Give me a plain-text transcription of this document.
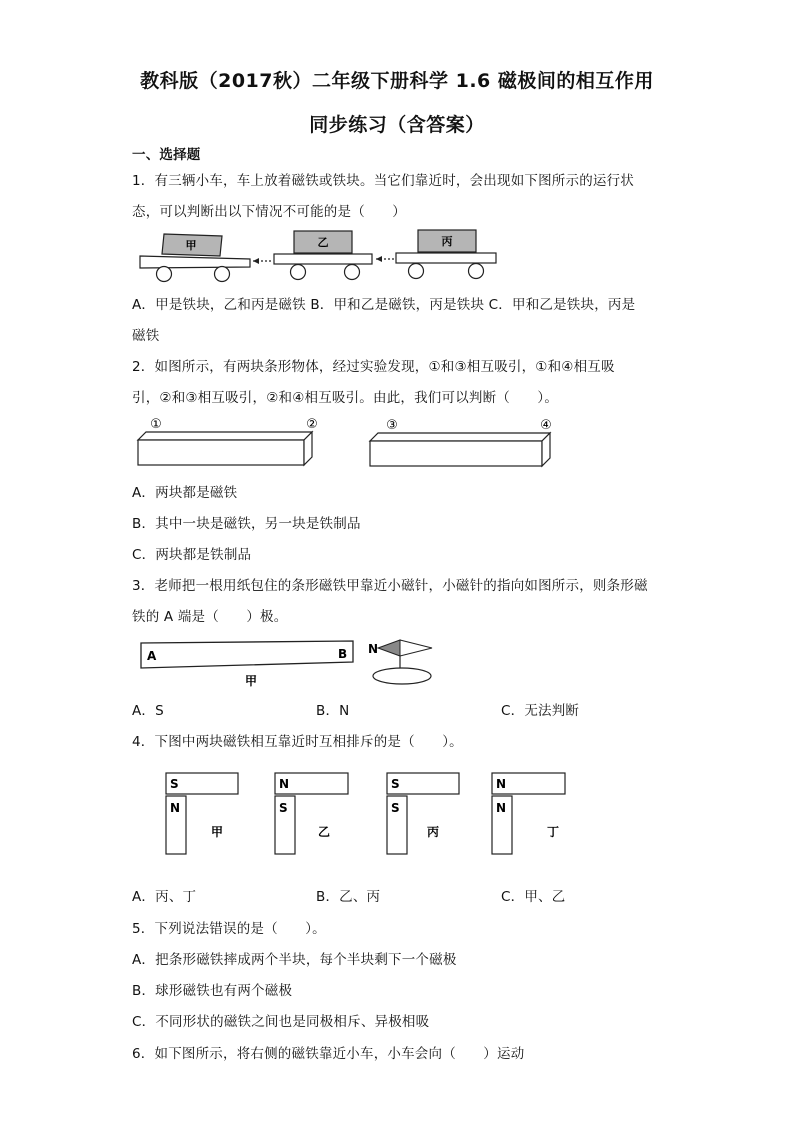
教科版（2017秋）二年级下册科学 1.6 磁极间的相互作用
同步练习（含答案）
一、选择题
1．有三辆小车，车上放着磁铁或铁块。当它们靠近时，会出现如下图所示的运行状
态，可以判断出以下情况不可能的是（　　）
甲	乙	丙
A．甲是铁块，乙和丙是磁铁 B．甲和乙是磁铁，丙是铁块 C．甲和乙是铁块，丙是
磁铁
2．如图所示，有两块条形物体，经过实验发现，①和③相互吸引，①和④相互吸
引，②和③相互吸引，②和④相互吸引。由此，我们可以判断（　　）。
①	②	③	④
A．两块都是磁铁
B．其中一块是磁铁，另一块是铁制品
C．两块都是铁制品
3．老师把一根用纸包住的条形磁铁甲靠近小磁针，小磁针的指向如图所示，则条形磁
铁的 A 端是（　　）极。
A	B
甲
N
A．S	B．N	C．无法判断
4．下图中两块磁铁相互靠近时互相排斥的是（　　）。
S
N
甲
N
S
乙
S
S
丙
N
N
丁
A．丙、丁	B．乙、丙	C．甲、乙
5．下列说法错误的是（　　）。
A．把条形磁铁摔成两个半块，每个半块剩下一个磁极
B．球形磁铁也有两个磁极
C．不同形状的磁铁之间也是同极相斥、异极相吸
6．如下图所示，将右侧的磁铁靠近小车，小车会向（　　）运动
